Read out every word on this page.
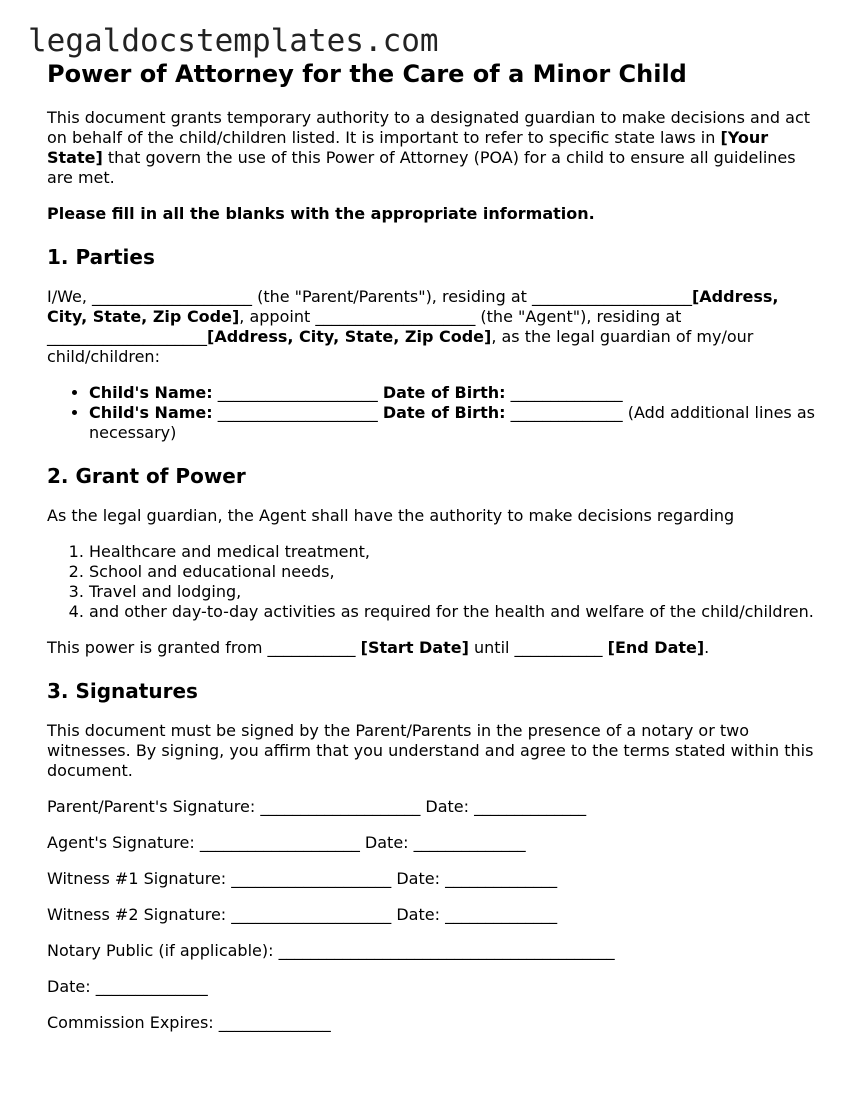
legaldocstemplates.com
Power of Attorney for the Care of a Minor Child

This document grants temporary authority to a designated guardian to make decisions and act on behalf of the child/children listed. It is important to refer to specific state laws in [Your State] that govern the use of this Power of Attorney (POA) for a child to ensure all guidelines are met.

Please fill in all the blanks with the appropriate information.

1. Parties

I/We, ____________________ (the "Parent/Parents"), residing at ____________________[Address, City, State, Zip Code], appoint ____________________ (the "Agent"), residing at ____________________[Address, City, State, Zip Code], as the legal guardian of my/our child/children:

• Child's Name: ____________________ Date of Birth: ______________
• Child's Name: ____________________ Date of Birth: ______________ (Add additional lines as necessary)
2. Grant of Power

As the legal guardian, the Agent shall have the authority to make decisions regarding

1. Healthcare and medical treatment,
2. School and educational needs,
3. Travel and lodging,
4. and other day-to-day activities as required for the health and welfare of the child/children.

This power is granted from ___________ [Start Date] until ___________ [End Date].

3. Signatures

This document must be signed by the Parent/Parents in the presence of a notary or two witnesses. By signing, you affirm that you understand and agree to the terms stated within this document.

Parent/Parent's Signature: ____________________ Date: ______________

Agent's Signature: ____________________ Date: ______________

Witness #1 Signature: ____________________ Date: ______________

Witness #2 Signature: ____________________ Date: ______________

Notary Public (if applicable): __________________________________________

Date: ______________

Commission Expires: ______________
